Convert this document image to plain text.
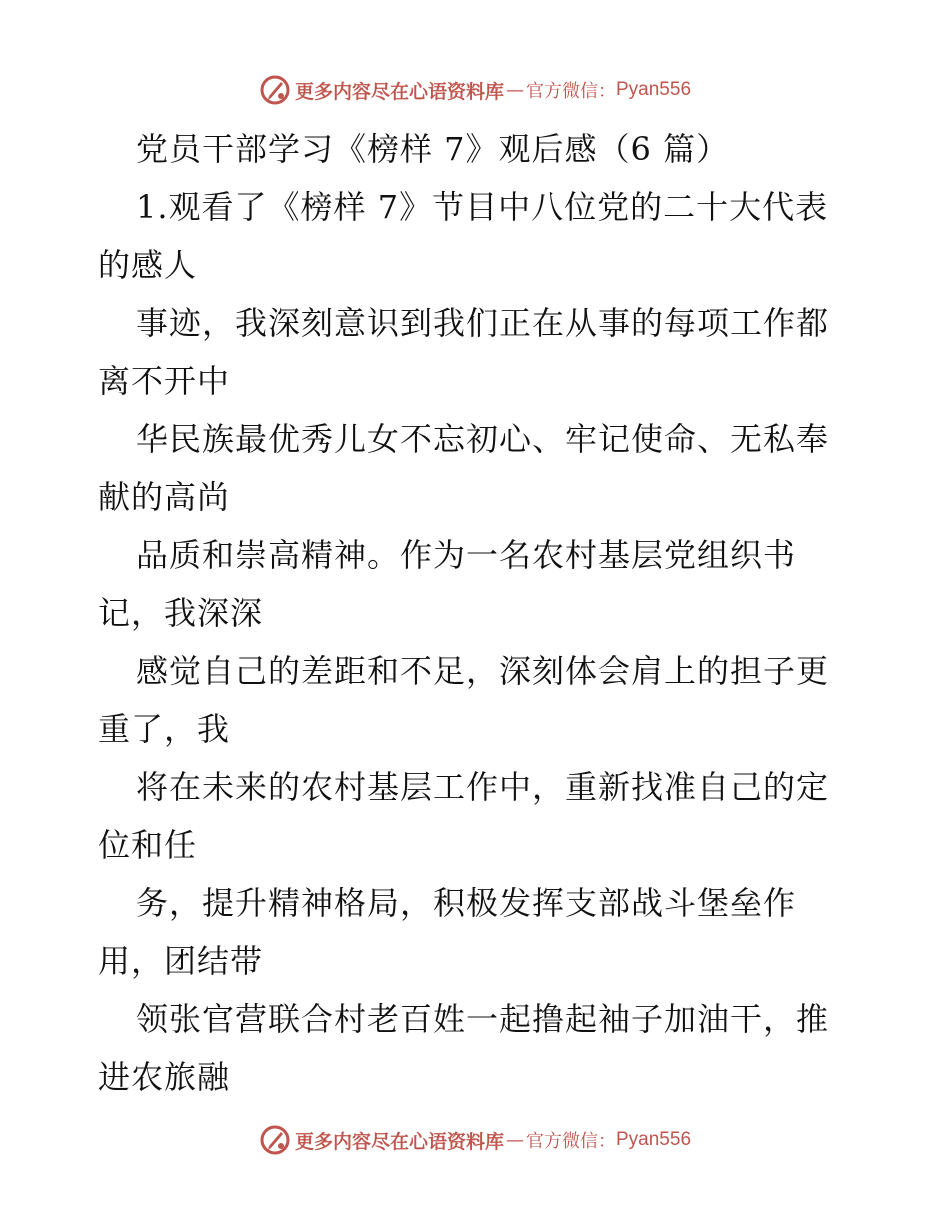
更多内容尽在心语资料库 — 官方微信： Pyan556
党员干部学习《榜样 7》观后感（6 篇）
1.观看了《榜样 7》节目中八位党的二十大代表
的感人
事迹，我深刻意识到我们正在从事的每项工作都
离不开中
华民族最优秀儿女不忘初心、牢记使命、无私奉
献的高尚
品质和崇高精神。作为一名农村基层党组织书
记，我深深
感觉自己的差距和不足，深刻体会肩上的担子更
重了，我
将在未来的农村基层工作中，重新找准自己的定
位和任
务，提升精神格局，积极发挥支部战斗堡垒作
用，团结带
领张官营联合村老百姓一起撸起袖子加油干，推
进农旅融
更多内容尽在心语资料库 — 官方微信： Pyan556
